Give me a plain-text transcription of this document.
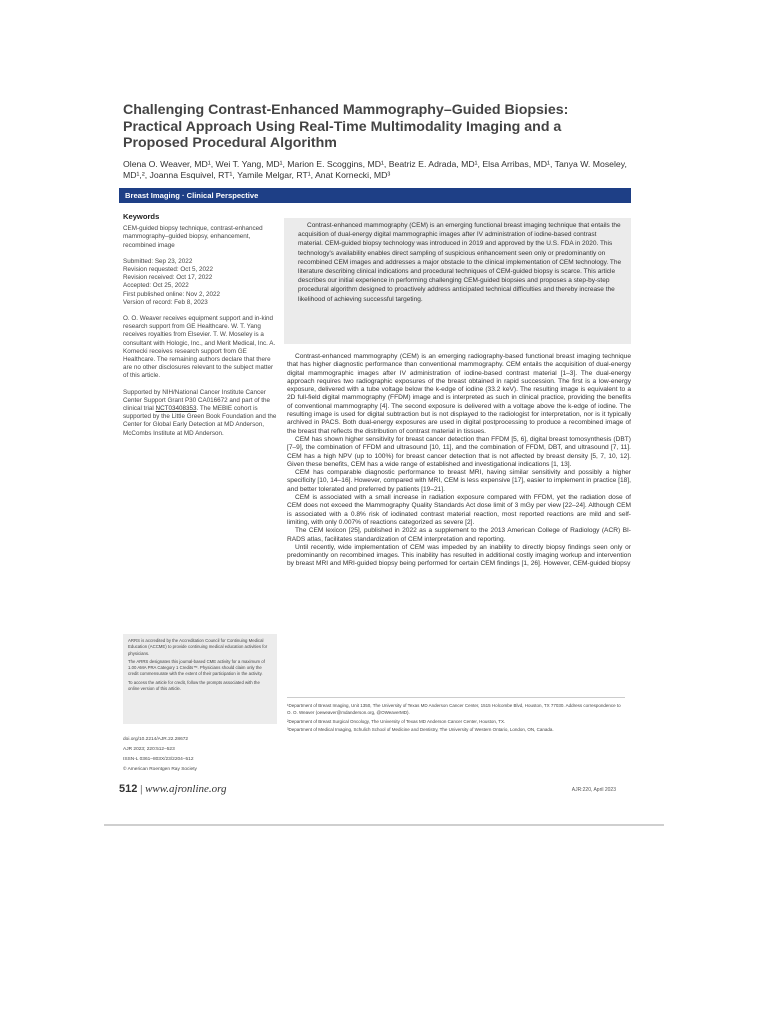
Challenging Contrast-Enhanced Mammography–Guided Biopsies: Practical Approach Using Real-Time Multimodality Imaging and a Proposed Procedural Algorithm

Olena O. Weaver, MD¹, Wei T. Yang, MD¹, Marion E. Scoggins, MD¹, Beatriz E. Adrada, MD¹, Elsa Arribas, MD¹, Tanya W. Moseley, MD¹,², Joanna Esquivel, RT¹, Yamile Melgar, RT¹, Anat Kornecki, MD³

Breast Imaging · Clinical Perspective
Keywords

CEM-guided biopsy technique, contrast-enhanced mammography–guided biopsy, enhancement, recombined image

Submitted: Sep 23, 2022
Revision requested: Oct 5, 2022
Revision received: Oct 17, 2022
Accepted: Oct 25, 2022
First published online: Nov 2, 2022
Version of record: Feb 8, 2023

O. O. Weaver receives equipment support and in-kind research support from GE Healthcare. W. T. Yang receives royalties from Elsevier. T. W. Moseley is a consultant with Hologic, Inc., and Merit Medical, Inc. A. Kornecki receives research support from GE Healthcare. The remaining authors declare that there are no other disclosures relevant to the subject matter of this article.

Supported by NIH/National Cancer Institute Cancer Center Support Grant P30 CA016672 and part of the clinical trial NCT03408353. The MEBIE cohort is supported by the Little Green Book Foundation and the Center for Global Early Detection at MD Anderson, McCombs Institute at MD Anderson.

ARRS is accredited by the Accreditation Council for Continuing Medical Education (ACCME) to provide continuing medical education activities for physicians.

The ARRS designates this journal-based CME activity for a maximum of 1.00 AMA PRA Category 1 Credits™. Physicians should claim only the credit commensurate with the extent of their participation in the activity.

To access the article for credit, follow the prompts associated with the online version of this article.

doi.org/10.2214/AJR.22.28672
AJR 2023; 220:512–523
ISSN-L 0361–803X/23/2204–512
© American Roentgen Ray Society
512 | www.ajronline.org
Contrast-enhanced mammography (CEM) is an emerging functional breast imaging technique that entails the acquisition of dual-energy digital mammographic images after IV administration of iodine-based contrast material. CEM-guided biopsy technology was introduced in 2019 and approved by the U.S. FDA in 2020. This technology's availability enables direct sampling of suspicious enhancement seen only or predominantly on recombined CEM images and addresses a major obstacle to the clinical implementation of CEM technology. The literature describing clinical indications and procedural techniques of CEM-guided biopsy is scarce. This article describes our initial experience in performing challenging CEM-guided biopsies and proposes a step-by-step procedural algorithm designed to proactively address anticipated technical difficulties and thereby increase the likelihood of achieving successful targeting.

Contrast-enhanced mammography (CEM) is an emerging radiography-based functional breast imaging technique that has higher diagnostic performance than conventional mammography. CEM entails the acquisition of dual-energy digital mammographic images after IV administration of iodine-based contrast material [1–3]. The dual-energy approach requires two radiographic exposures of the breast obtained in rapid succession. The first is a low-energy exposure, delivered with a tube voltage below the k-edge of iodine (33.2 keV). The resulting image is equivalent to a 2D full-field digital mammography (FFDM) image and is interpreted as such in clinical practice, providing the benefits of conventional mammography [4]. The second exposure is delivered with a voltage above the k-edge of iodine. The resulting image is used for digital subtraction but is not displayed to the radiologist for interpretation, nor is it typically archived in PACS. Both dual-energy exposures are used in digital postprocessing to produce a recombined image of the breast that reflects the distribution of contrast material in tissues.

CEM has shown higher sensitivity for breast cancer detection than FFDM [5, 6], digital breast tomosynthesis (DBT) [7–9], the combination of FFDM and ultrasound [10, 11], and the combination of FFDM, DBT, and ultrasound [7, 11]. CEM has a high NPV (up to 100%) for breast cancer detection that is not affected by breast density [5, 7, 10, 12]. Given these benefits, CEM has a wide range of established and investigational indications [1, 13].

CEM has comparable diagnostic performance to breast MRI, having similar sensitivity and possibly a higher specificity [10, 14–16]. However, compared with MRI, CEM is less expensive [17], easier to implement in practice [18], and better tolerated and preferred by patients [19–21].

CEM is associated with a small increase in radiation exposure compared with FFDM, yet the radiation dose of CEM does not exceed the Mammography Quality Standards Act dose limit of 3 mGy per view [22–24]. Although CEM is associated with a 0.8% risk of iodinated contrast material reaction, most reported reactions are mild and self-limiting, with only 0.007% of reactions categorized as severe [2].

The CEM lexicon [25], published in 2022 as a supplement to the 2013 American College of Radiology (ACR) BI-RADS atlas, facilitates standardization of CEM interpretation and reporting.

Until recently, wide implementation of CEM was impeded by an inability to directly biopsy findings seen only or predominantly on recombined images. This inability has resulted in additional costly imaging workup and intervention by breast MRI and MRI-guided biopsy being performed for certain CEM findings [1, 26]. However, CEM-guided biopsy

¹Department of Breast Imaging, Unit 1350, The University of Texas MD Anderson Cancer Center, 1515 Holcombe Blvd, Houston, TX 77030. Address correspondence to O. O. Weaver (oeweaver@mdanderson.org, @OWeaverMD).

²Department of Breast Surgical Oncology, The University of Texas MD Anderson Cancer Center, Houston, TX.

³Department of Medical Imaging, Schulich School of Medicine and Dentistry, The University of Western Ontario, London, ON, Canada.

AJR:220, April 2023
